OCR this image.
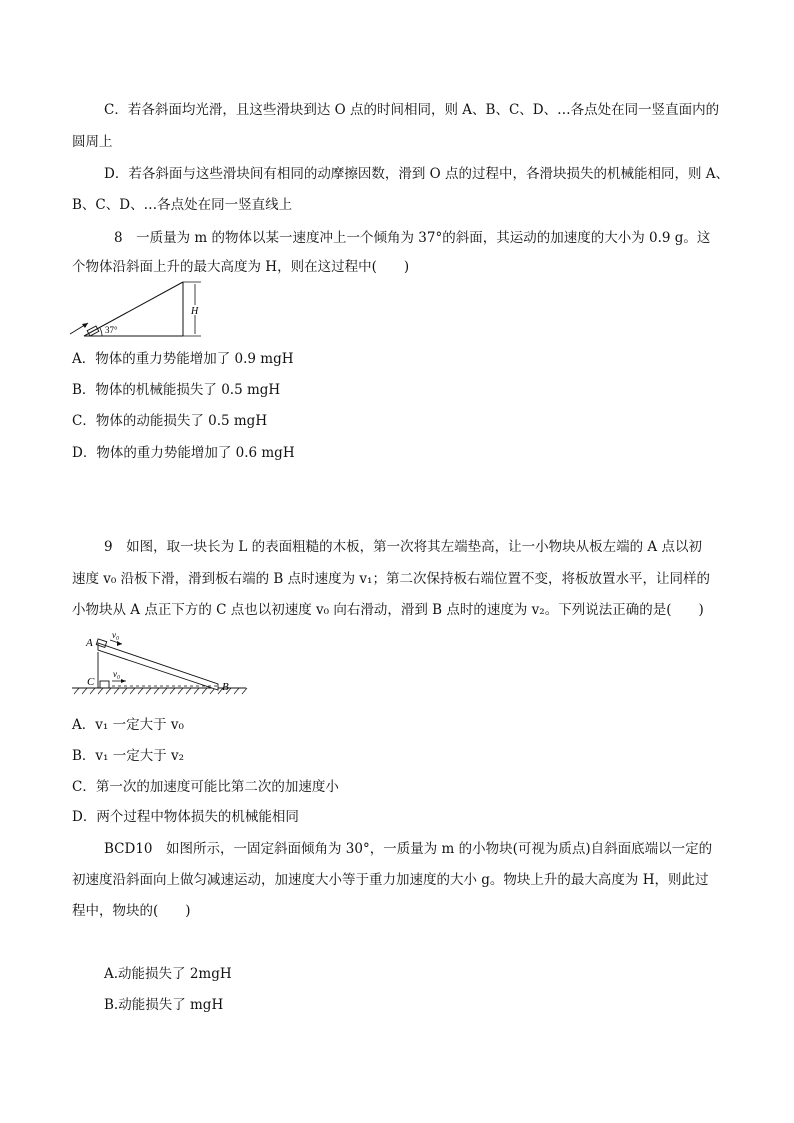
C．若各斜面均光滑，且这些滑块到达 O 点的时间相同，则 A、B、C、D、…各点处在同一竖直面内的
圆周上
D．若各斜面与这些滑块间有相同的动摩擦因数，滑到 O 点的过程中，各滑块损失的机械能相同，则 A、
B、C、D、…各点处在同一竖直线上
8　一质量为 m 的物体以某一速度冲上一个倾角为 37°的斜面，其运动的加速度的大小为 0.9 g。这
个物体沿斜面上升的最大高度为 H，则在这过程中(　　)
H
37°
A．物体的重力势能增加了 0.9 mgH
B．物体的机械能损失了 0.5 mgH
C．物体的动能损失了 0.5 mgH
D．物体的重力势能增加了 0.6 mgH
9　如图，取一块长为 L 的表面粗糙的木板，第一次将其左端垫高，让一小物块从板左端的 A 点以初
速度 v₀ 沿板下滑，滑到板右端的 B 点时速度为 v₁；第二次保持板右端位置不变，将板放置水平，让同样的
小物块从 A 点正下方的 C 点也以初速度 v₀ 向右滑动，滑到 B 点时的速度为 v₂。下列说法正确的是(　　)
v₀
v₀
A
C	B
A．v₁ 一定大于 v₀
B．v₁ 一定大于 v₂
C．第一次的加速度可能比第二次的加速度小
D．两个过程中物体损失的机械能相同
BCD10　如图所示，一固定斜面倾角为 30°，一质量为 m 的小物块(可视为质点)自斜面底端以一定的
初速度沿斜面向上做匀减速运动，加速度大小等于重力加速度的大小 g。物块上升的最大高度为 H，则此过
程中，物块的(　　)
A.动能损失了 2mgH
B.动能损失了 mgH
